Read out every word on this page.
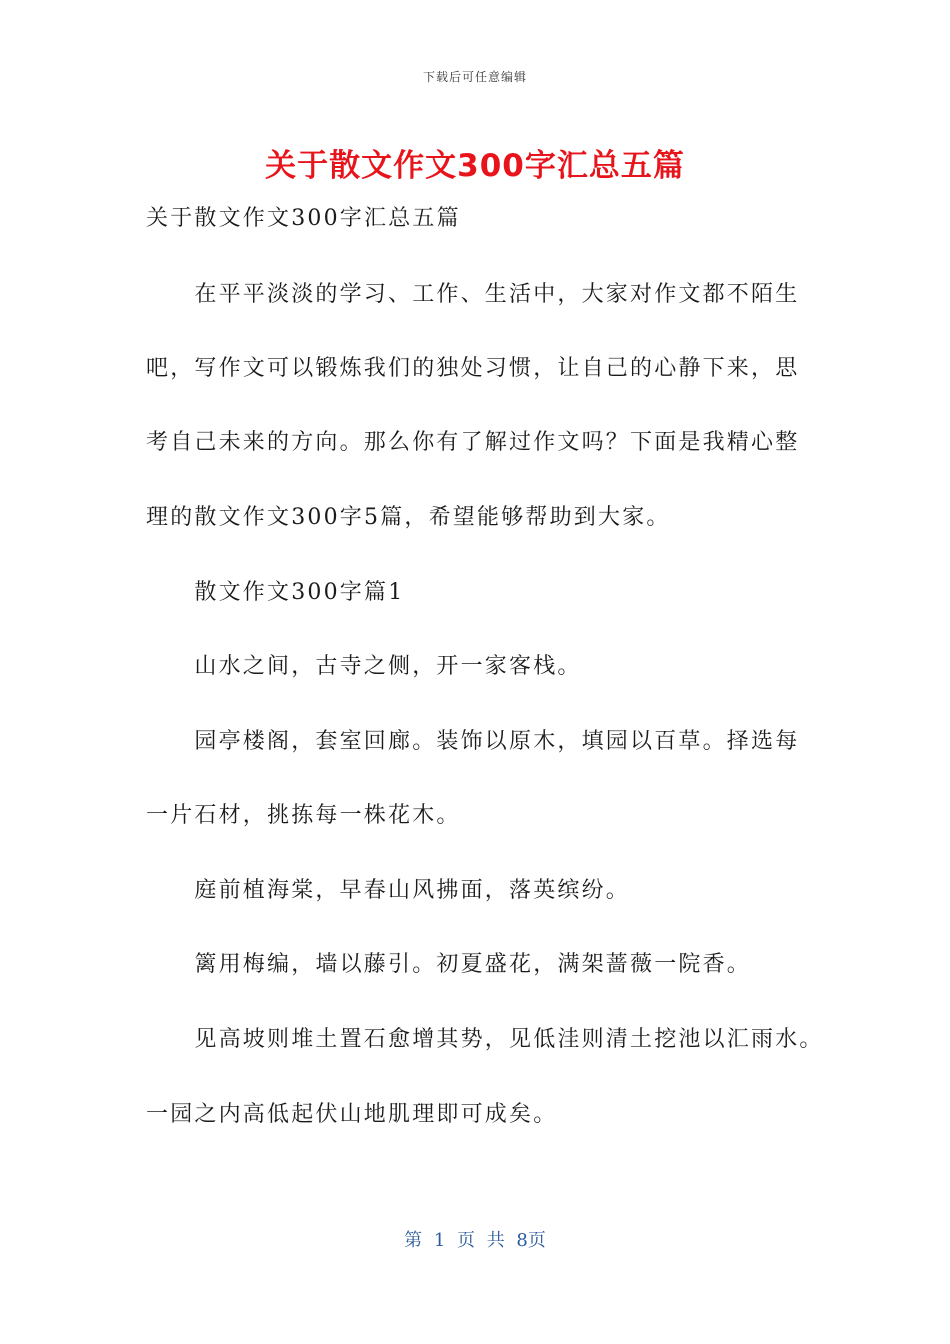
下载后可任意编辑
关于散文作文300字汇总五篇
关于散文作文300字汇总五篇
　　在平平淡淡的学习、工作、生活中，大家对作文都不陌生
吧，写作文可以锻炼我们的独处习惯，让自己的心静下来，思
考自己未来的方向。那么你有了解过作文吗？下面是我精心整
理的散文作文300字5篇，希望能够帮助到大家。
　　散文作文300字篇1
　　山水之间，古寺之侧，开一家客栈。
　　园亭楼阁，套室回廊。装饰以原木，填园以百草。择选每
一片石材，挑拣每一株花木。
　　庭前植海棠，早春山风拂面，落英缤纷。
　　篱用梅编，墙以藤引。初夏盛花，满架蔷薇一院香。
　　见高坡则堆土置石愈增其势，见低洼则清土挖池以汇雨水。
一园之内高低起伏山地肌理即可成矣。
第 1 页 共 8页
